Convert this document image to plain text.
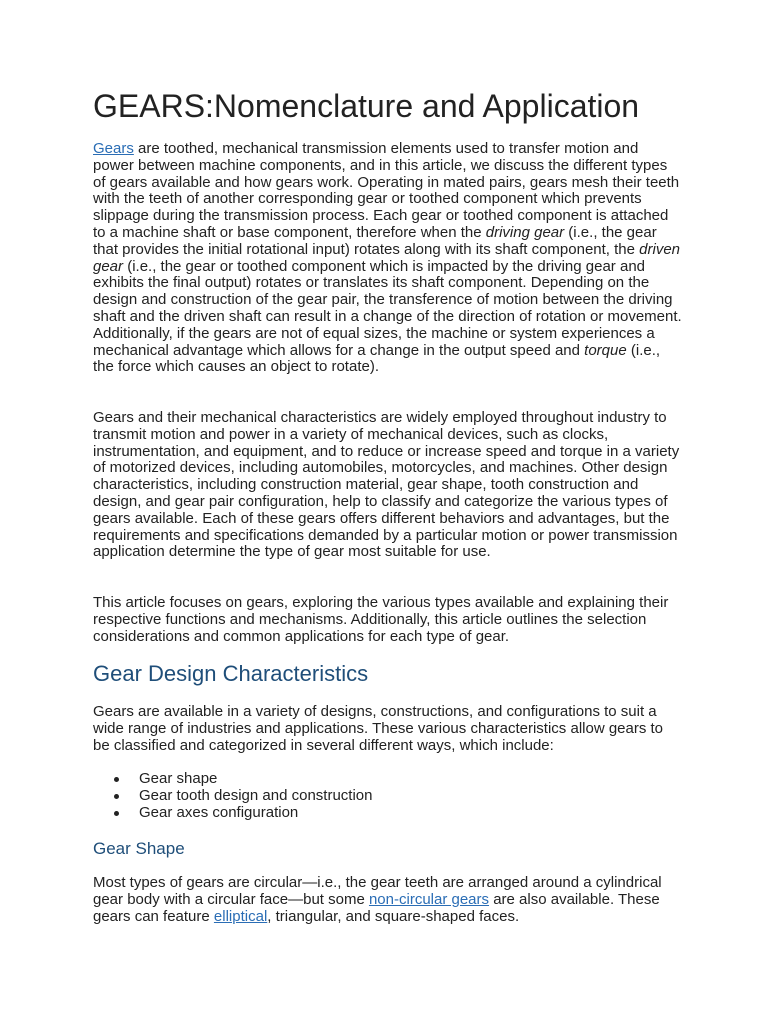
GEARS:Nomenclature and Application

Gears are toothed, mechanical transmission elements used to transfer motion and power between machine components, and in this article, we discuss the different types of gears available and how gears work. Operating in mated pairs, gears mesh their teeth with the teeth of another corresponding gear or toothed component which prevents slippage during the transmission process. Each gear or toothed component is attached to a machine shaft or base component, therefore when the driving gear (i.e., the gear that provides the initial rotational input) rotates along with its shaft component, the driven gear (i.e., the gear or toothed component which is impacted by the driving gear and exhibits the final output) rotates or translates its shaft component. Depending on the design and construction of the gear pair, the transference of motion between the driving shaft and the driven shaft can result in a change of the direction of rotation or movement. Additionally, if the gears are not of equal sizes, the machine or system experiences a mechanical advantage which allows for a change in the output speed and torque (i.e., the force which causes an object to rotate).

Gears and their mechanical characteristics are widely employed throughout industry to transmit motion and power in a variety of mechanical devices, such as clocks, instrumentation, and equipment, and to reduce or increase speed and torque in a variety of motorized devices, including automobiles, motorcycles, and machines. Other design characteristics, including construction material, gear shape, tooth construction and design, and gear pair configuration, help to classify and categorize the various types of gears available. Each of these gears offers different behaviors and advantages, but the requirements and specifications demanded by a particular motion or power transmission application determine the type of gear most suitable for use.

This article focuses on gears, exploring the various types available and explaining their respective functions and mechanisms. Additionally, this article outlines the selection considerations and common applications for each type of gear.

Gear Design Characteristics

Gears are available in a variety of designs, constructions, and configurations to suit a wide range of industries and applications. These various characteristics allow gears to be classified and categorized in several different ways, which include:

Gear shape
Gear tooth design and construction
Gear axes configuration
Gear Shape

Most types of gears are circular—i.e., the gear teeth are arranged around a cylindrical gear body with a circular face—but some non-circular gears are also available. These gears can feature elliptical, triangular, and square-shaped faces.
